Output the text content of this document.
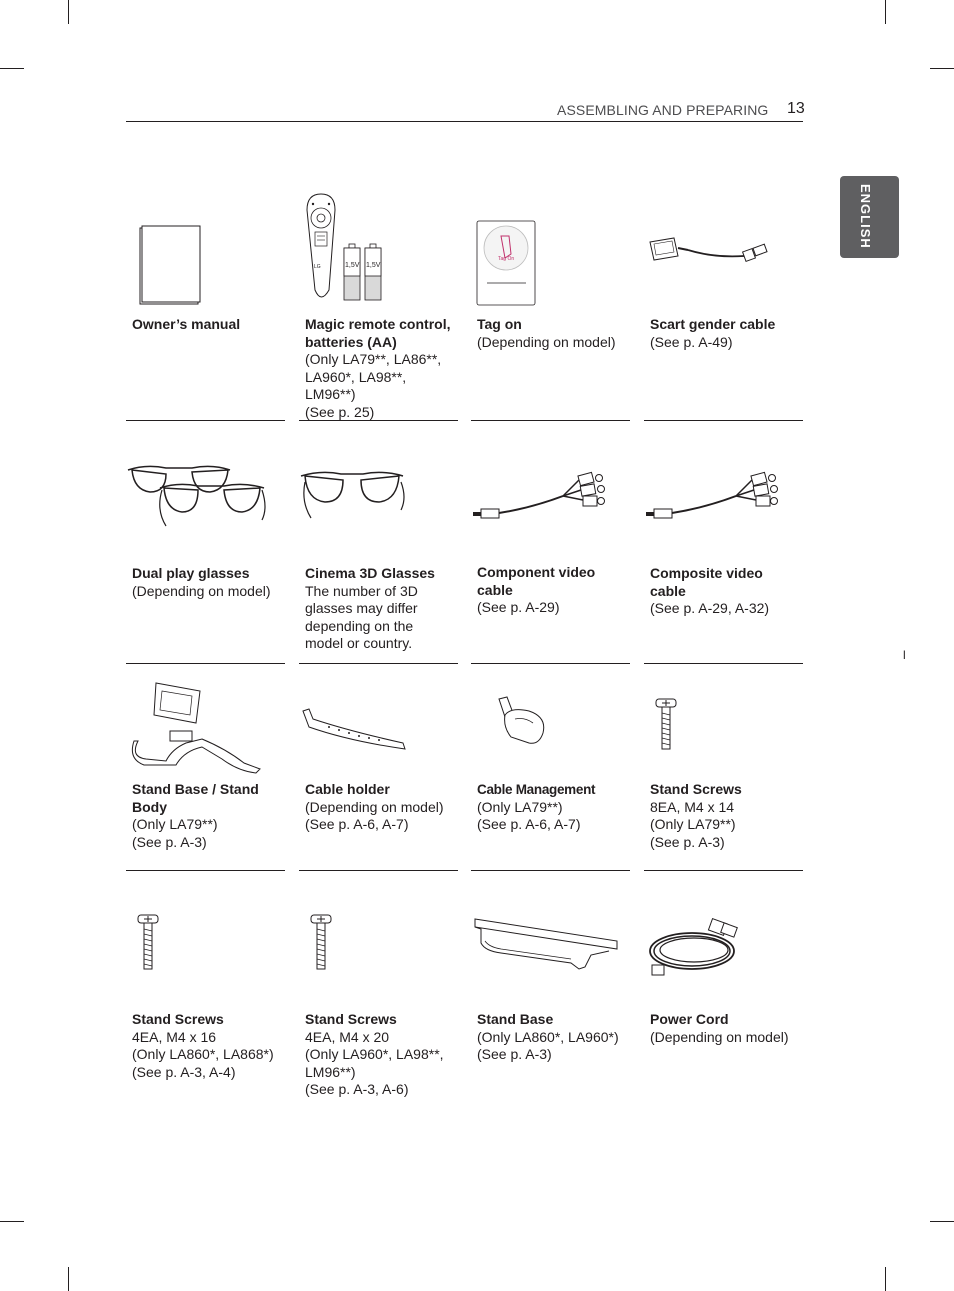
ASSEMBLING AND PREPARING 13
ENGLISH
l
Owner’s manual
LG	1,5V 1,5V
Magic remote control, batteries (AA)
(Only LA79**, LA86**,
LA960*, LA98**, LM96**)
(See p. 25)
Tag On
Tag on
(Depending on model)
Scart gender cable
(See p. A-49)
Dual play glasses
(Depending on model)
Cinema 3D Glasses
The number of 3D
glasses may differ
depending on the
model or country.
Component video cable
(See p. A-29)
Composite video cable
(See p. A-29, A-32)
Stand Base / Stand Body
(Only LA79**)
(See p. A-3)
Cable holder
(Depending on model)
(See p. A-6, A-7)
Cable Management
(Only LA79**)
(See p. A-6, A-7)
Stand Screws
8EA, M4 x 14
(Only LA79**)
(See p. A-3)
Stand Screws
4EA, M4 x 16
(Only LA860*, LA868*)
(See p. A-3, A-4)
Stand Screws
4EA, M4 x 20
(Only LA960*, LA98**,
LM96**)
(See p. A-3, A-6)
Stand Base
(Only LA860*, LA960*)
(See p. A-3)
Power Cord
(Depending on model)
